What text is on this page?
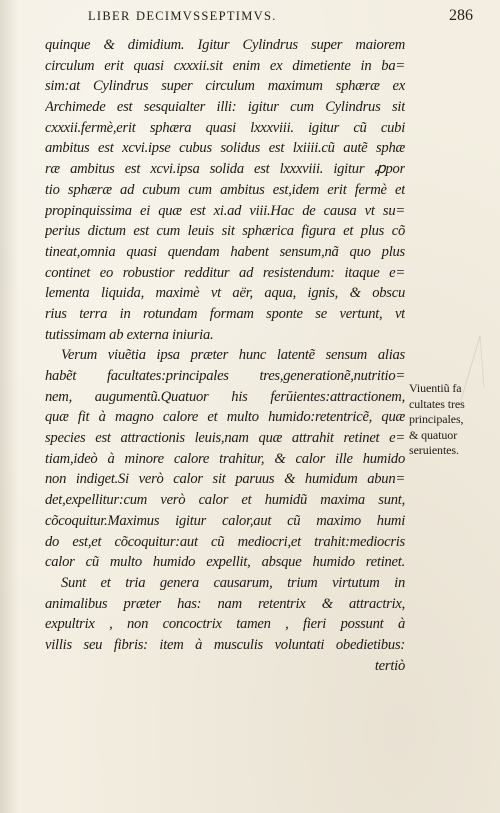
LIBER DECIMVSSEPTIMVS.	286
quinque & dimidium. Igitur Cylindrus super maiorem
circulum erit quasi cxxxii.sit enim ex dimetiente in ba=
sim:at Cylindrus super circulum maximum sphæræ ex
Archimede est sesquialter illi: igitur cum Cylindrus sit
cxxxii.fermè,erit sphæra quasi lxxxviii. igitur cũ cubi
ambitus est xcvi.ipse cubus solidus est lxiiii.cũ autẽ sphæ
ræ ambitus est xcvi.ipsa solida est lxxxviii. igitur ꝓpor
tio sphæræ ad cubum cum ambitus est,idem erit fermè et
propinquissima ei quæ est xi.ad viii.Hac de causa vt su=
perius dictum est cum leuis sit sphærica figura et plus cõ
tineat,omnia quasi quendam habent sensum,nã quo plus
continet eo robustior redditur ad resistendum: itaque e=
lementa liquida, maximè vt aër, aqua, ignis, & obscu
rius terra in rotundam formam sponte se vertunt, vt
tutissimam ab externa iniuria.
Verum viuẽtia ipsa præter hunc latentẽ sensum alias
habẽt facultates:principales tres,generationẽ,nutritio=
nem, augumentũ.Quatuor his ferŭientes:attractionem,
quæ fit à magno calore et multo humido:retentricẽ, quæ
species est attractionis leuis,nam quæ attrahit retinet e=
tiam,ideò à minore calore trahitur, & calor ille humido
non indiget.Si verò calor sit paruus & humidum abun=
det,expellitur:cum verò calor et humidũ maxima sunt,
cõcoquitur.Maximus igitur calor,aut cũ maximo humi
do est,et cõcoquitur:aut cũ mediocri,et trahit:mediocris
calor cũ multo humido expellit, absque humido retinet.
Sunt et tria genera causarum, trium virtutum in
animalibus præter has: nam retentrix & attractrix,
expultrix , non concoctrix tamen , fieri possunt à
villis seu fibris: item à musculis voluntati obedietibus:
tertiò
Viuentiũ fa
cultates tres
principales,
& quatuor
seruientes.
